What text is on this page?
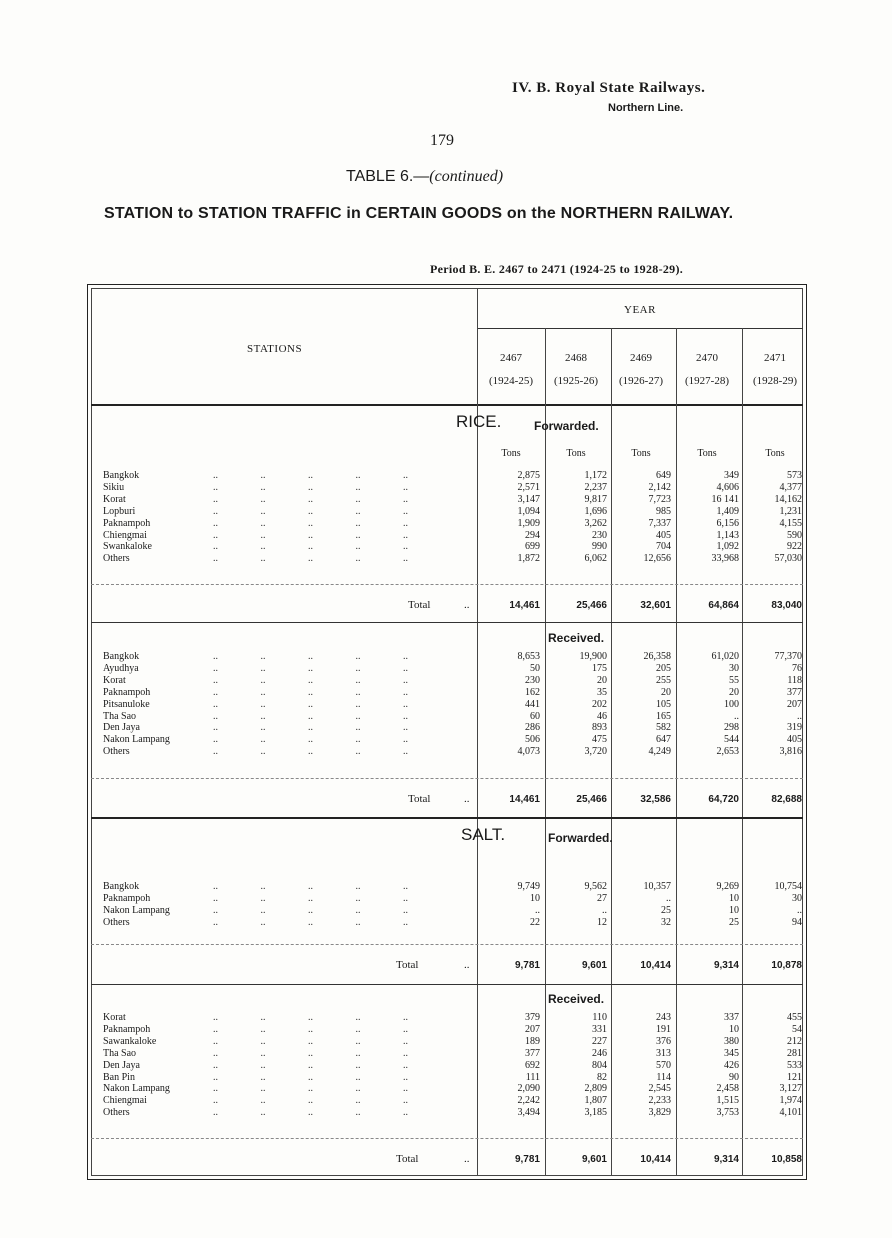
IV. B. Royal State Railways.
Northern Line.
179
TABLE 6.—(continued)
STATION to STATION TRAFFIC in CERTAIN GOODS on the NORTHERN RAILWAY.
Period B. E. 2467 to 2471 (1924-25 to 1928-29).
STATIONS
YEAR
2467
(1924-25)
2468
(1925-26)
2469
(1926-27)
2470
(1927-28)
2471
(1928-29)
RICE.	Forwarded.
Tons	Tons	Tons	Tons	Tons
Bangkok	..                 ..                 ..                 ..                 ..	2,875	1,172	649	349	573
Sikiu	..                 ..                 ..                 ..                 ..	2,571	2,237	2,142	4,606	4,377
Korat	..                 ..                 ..                 ..                 ..	3,147	9,817	7,723	16 141	14,162
Lopburi	..                 ..                 ..                 ..                 ..	1,094	1,696	985	1,409	1,231
Paknampoh	..                 ..                 ..                 ..                 ..	1,909	3,262	7,337	6,156	4,155
Chiengmai	..                 ..                 ..                 ..                 ..	294	230	405	1,143	590
Swankaloke	..                 ..                 ..                 ..                 ..	699	990	704	1,092	922
Others	..                 ..                 ..                 ..                 ..	1,872	6,062	12,656	33,968	57,030
Total	..	14,461	25,466	32,601	64,864	83,040
Received.
Bangkok	..                 ..                 ..                 ..                 ..	8,653	19,900	26,358	61,020	77,370
Ayudhya	..                 ..                 ..                 ..                 ..	50	175	205	30	76
Korat	..                 ..                 ..                 ..                 ..	230	20	255	55	118
Paknampoh	..                 ..                 ..                 ..                 ..	162	35	20	20	377
Pitsanuloke	..                 ..                 ..                 ..                 ..	441	202	105	100	207
Tha Sao	..                 ..                 ..                 ..                 ..	60	46	165	..	..
Den Jaya	..                 ..                 ..                 ..                 ..	286	893	582	298	319
Nakon Lampang	..                 ..                 ..                 ..                 ..	506	475	647	544	405
Others	..                 ..                 ..                 ..                 ..	4,073	3,720	4,249	2,653	3,816
Total	..	14,461	25,466	32,586	64,720	82,688
SALT.	Forwarded.
Bangkok	..                 ..                 ..                 ..                 ..	9,749	9,562	10,357	9,269	10,754
Paknampoh	..                 ..                 ..                 ..                 ..	10	27	..	10	30
Nakon Lampang	..                 ..                 ..                 ..                 ..	..	..	25	10	..
Others	..                 ..                 ..                 ..                 ..	22	12	32	25	94
Total	..	9,781	9,601	10,414	9,314	10,878
Received.
Korat	..                 ..                 ..                 ..                 ..	379	110	243	337	455
Paknampoh	..                 ..                 ..                 ..                 ..	207	331	191	10	54
Sawankaloke	..                 ..                 ..                 ..                 ..	189	227	376	380	212
Tha Sao	..                 ..                 ..                 ..                 ..	377	246	313	345	281
Den Jaya	..                 ..                 ..                 ..                 ..	692	804	570	426	533
Ban Pin	..                 ..                 ..                 ..                 ..	111	82	114	90	121
Nakon Lampang	..                 ..                 ..                 ..                 ..	2,090	2,809	2,545	2,458	3,127
Chiengmai	..                 ..                 ..                 ..                 ..	2,242	1,807	2,233	1,515	1,974
Others	..                 ..                 ..                 ..                 ..	3,494	3,185	3,829	3,753	4,101
Total	..	9,781	9,601	10,414	9,314	10,858
